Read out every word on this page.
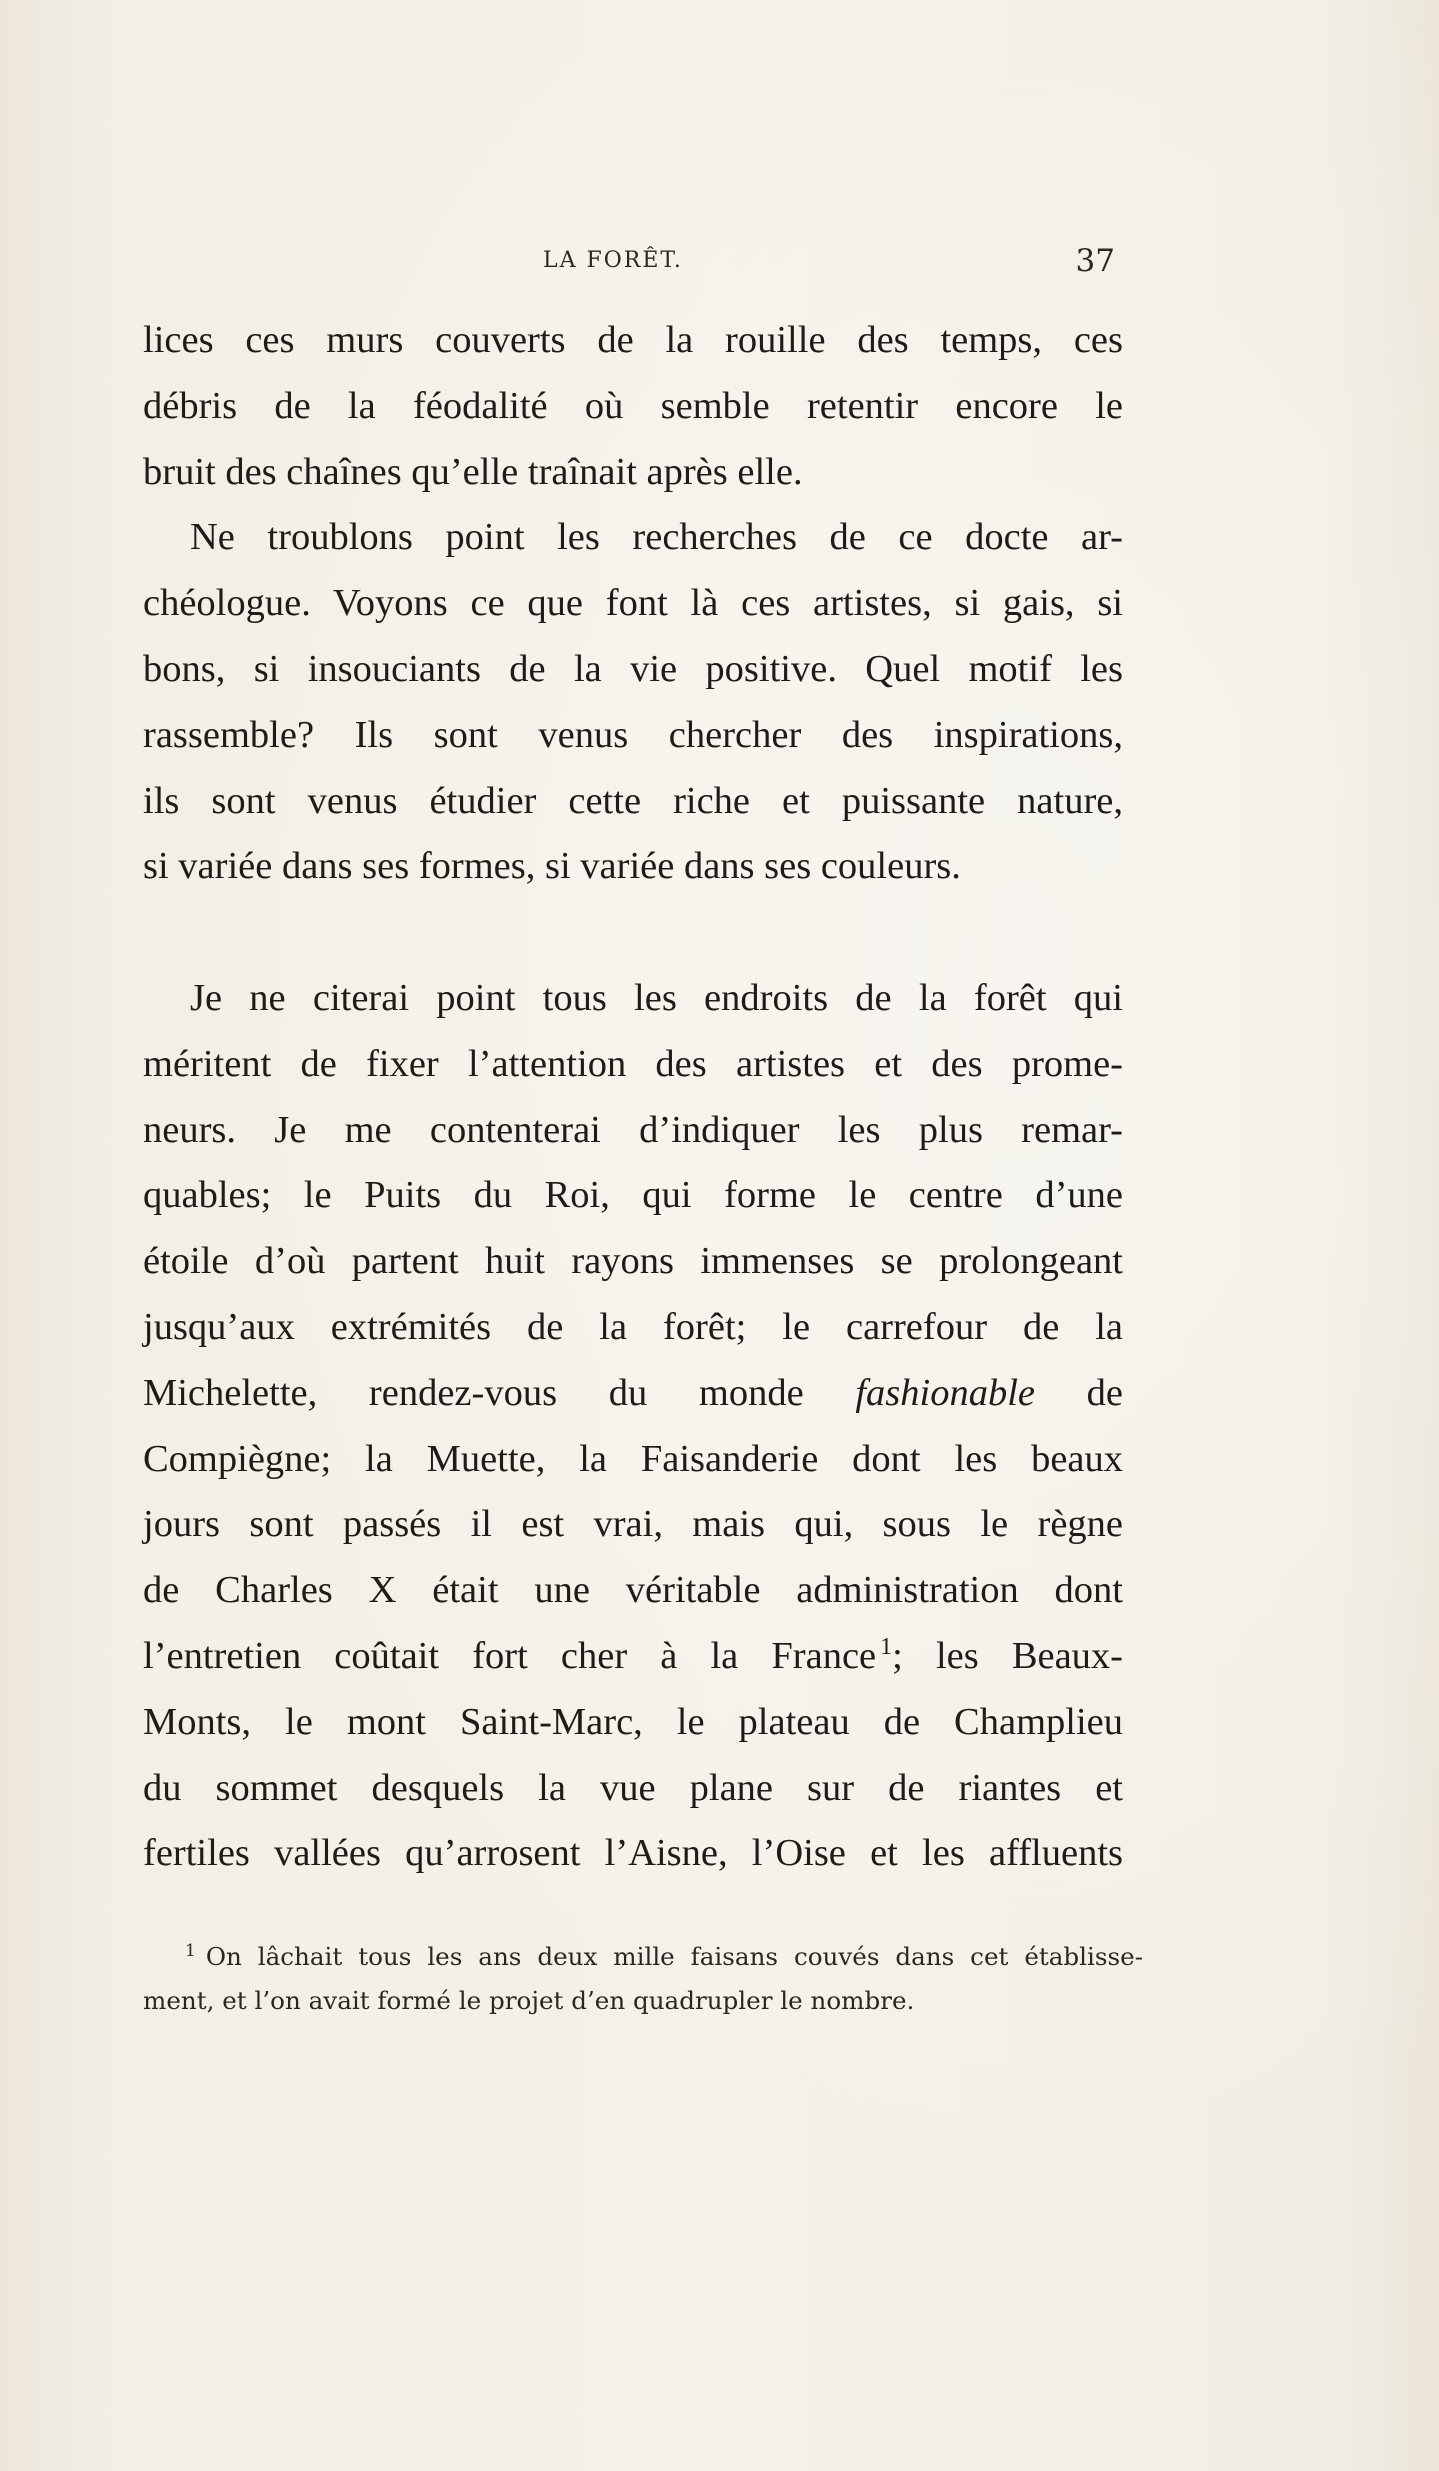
LA FORÊT.	37
lices ces murs couverts de la rouille des temps, ces
débris de la féodalité où semble retentir encore le
bruit des chaînes qu’elle traînait après elle.
Ne troublons point les recherches de ce docte ar-
chéologue. Voyons ce que font là ces artistes, si gais, si
bons, si insouciants de la vie positive. Quel motif les
rassemble? Ils sont venus chercher des inspirations,
ils sont venus étudier cette riche et puissante nature,
si variée dans ses formes, si variée dans ses couleurs.
Je ne citerai point tous les endroits de la forêt qui
méritent de fixer l’attention des artistes et des prome-
neurs. Je me contenterai d’indiquer les plus remar-
quables; le Puits du Roi, qui forme le centre d’une
étoile d’où partent huit rayons immenses se prolongeant
jusqu’aux extrémités de la forêt; le carrefour de la
Michelette, rendez-vous du monde fashionable de
Compiègne; la Muette, la Faisanderie dont les beaux
jours sont passés il est vrai, mais qui, sous le règne
de Charles X était une véritable administration dont
l’entretien coûtait fort cher à la France $^1$; les Beaux-
Monts, le mont Saint-Marc, le plateau de Champlieu
du sommet desquels la vue plane sur de riantes et
fertiles vallées qu’arrosent l’Aisne, l’Oise et les affluents
$^1$ On lâchait tous les ans deux mille faisans couvés dans cet établisse-
ment, et l’on avait formé le projet d’en quadrupler le nombre.
